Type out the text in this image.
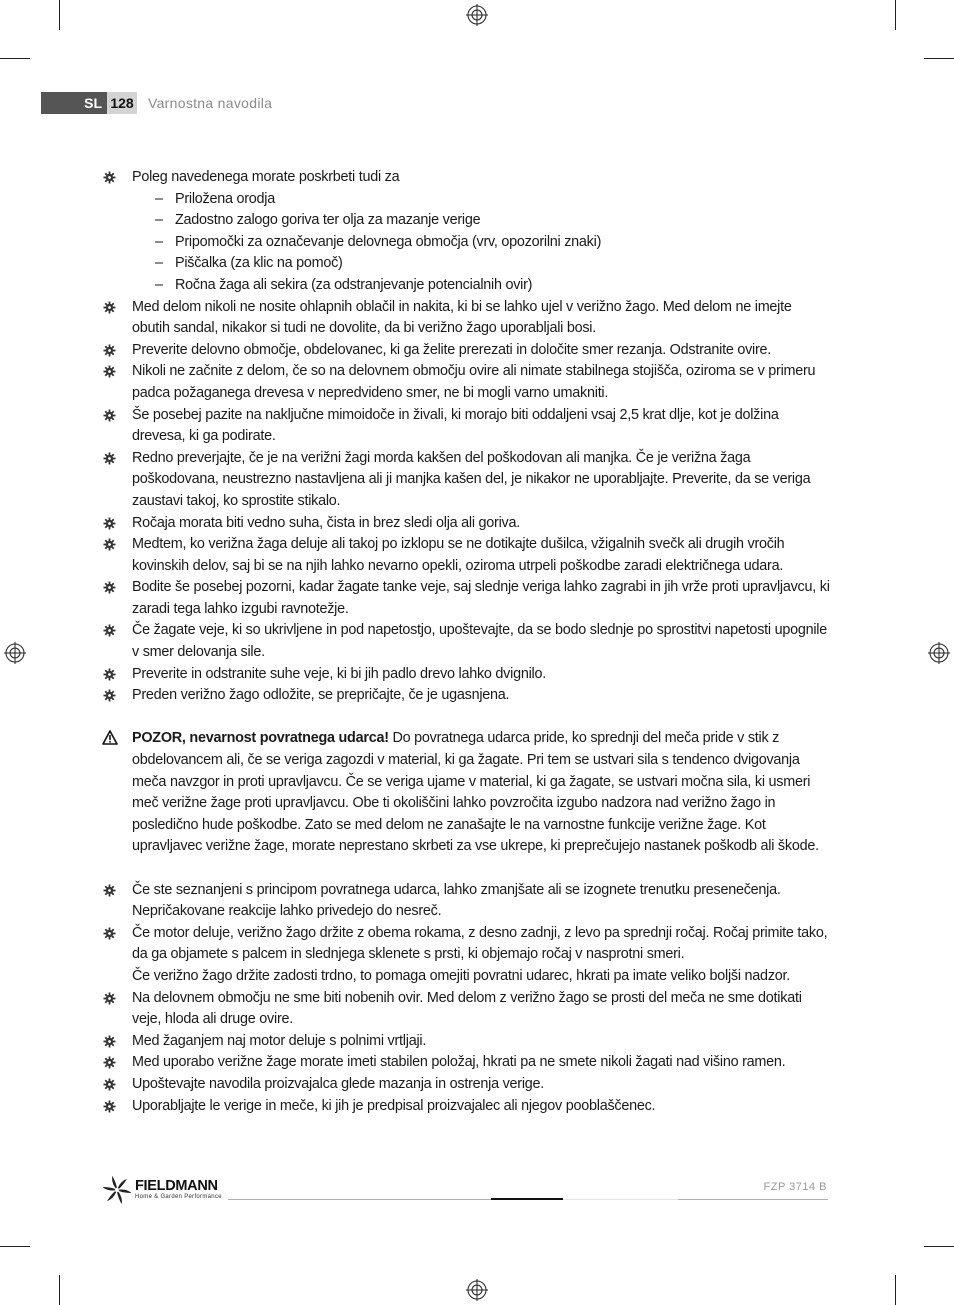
SL 128 Varnostna navodila
Poleg navedenega morate poskrbeti tudi za
– Priložena orodja
– Zadostno zalogo goriva ter olja za mazanje verige
– Pripomočki za označevanje delovnega območja (vrv, opozorilni znaki)
– Piščalka (za klic na pomoč)
– Ročna žaga ali sekira (za odstranjevanje potencialnih ovir)
Med delom nikoli ne nosite ohlapnih oblačil in nakita, ki bi se lahko ujel v verižno žago. Med delom ne imejte obutih sandal, nikakor si tudi ne dovolite, da bi verižno žago uporabljali bosi.
Preverite delovno območje, obdelovanec, ki ga želite prerezati in določite smer rezanja. Odstranite ovire.
Nikoli ne začnite z delom, če so na delovnem območju ovire ali nimate stabilnega stojišča, oziroma se v primeru padca požaganega drevesa v nepredvideno smer, ne bi mogli varno umakniti.
Še posebej pazite na naključne mimoidoče in živali, ki morajo biti oddaljeni vsaj 2,5 krat dlje, kot je dolžina drevesa, ki ga podirate.
Redno preverjajte, če je na verižni žagi morda kakšen del poškodovan ali manjka. Če je verižna žaga poškodovana, neustrezno nastavljena ali ji manjka kašen del, je nikakor ne uporabljajte. Preverite, da se veriga zaustavi takoj, ko sprostite stikalo.
Ročaja morata biti vedno suha, čista in brez sledi olja ali goriva.
Medtem, ko verižna žaga deluje ali takoj po izklopu se ne dotikajte dušilca, vžigalnih svečk ali drugih vročih kovinskih delov, saj bi se na njih lahko nevarno opekli, oziroma utrpeli poškodbe zaradi električnega udara.
Bodite še posebej pozorni, kadar žagate tanke veje, saj slednje veriga lahko zagrabi in jih vrže proti upravljavcu, ki zaradi tega lahko izgubi ravnotežje.
Če žagate veje, ki so ukrivljene in pod napetostjo, upoštevajte, da se bodo slednje po sprostitvi napetosti upognile v smer delovanja sile.
Preverite in odstranite suhe veje, ki bi jih padlo drevo lahko dvignilo.
Preden verižno žago odložite, se prepričajte, če je ugasnjena.
POZOR, nevarnost povratnega udarca! Do povratnega udarca pride, ko sprednji del meča pride v stik z obdelovancem ali, če se veriga zagozdi v material, ki ga žagate. Pri tem se ustvari sila s tendenco dvigovanja meča navzgor in proti upravljavcu. Če se veriga ujame v material, ki ga žagate, se ustvari močna sila, ki usmeri meč verižne žage proti upravljavcu. Obe ti okoliščini lahko povzročita izgubo nadzora nad verižno žago in posledično hude poškodbe. Zato se med delom ne zanašajte le na varnostne funkcije verižne žage. Kot upravljavec verižne žage, morate neprestano skrbeti za vse ukrepe, ki preprečujejo nastanek poškodb ali škode.
Če ste seznanjeni s principom povratnega udarca, lahko zmanjšate ali se izognete trenutku presenečenja. Nepričakovane reakcije lahko privedejo do nesreč.
Če motor deluje, verižno žago držite z obema rokama, z desno zadnji, z levo pa sprednji ročaj. Ročaj primite tako, da ga objamete s palcem in slednjega sklenete s prsti, ki objemajo ročaj v nasprotni smeri.
Če verižno žago držite zadosti trdno, to pomaga omejiti povratni udarec, hkrati pa imate veliko boljši nadzor.
Na delovnem območju ne sme biti nobenih ovir. Med delom z verižno žago se prosti del meča ne sme dotikati veje, hloda ali druge ovire.
Med žaganjem naj motor deluje s polnimi vrtljaji.
Med uporabo verižne žage morate imeti stabilen položaj, hkrati pa ne smete nikoli žagati nad višino ramen.
Upoštevajte navodila proizvajalca glede mazanja in ostrenja verige.
Uporabljajte le verige in meče, ki jih je predpisal proizvajalec ali njegov pooblaščenec.
FIELDMANN
Home & Garden Performance
FZP 3714 B
